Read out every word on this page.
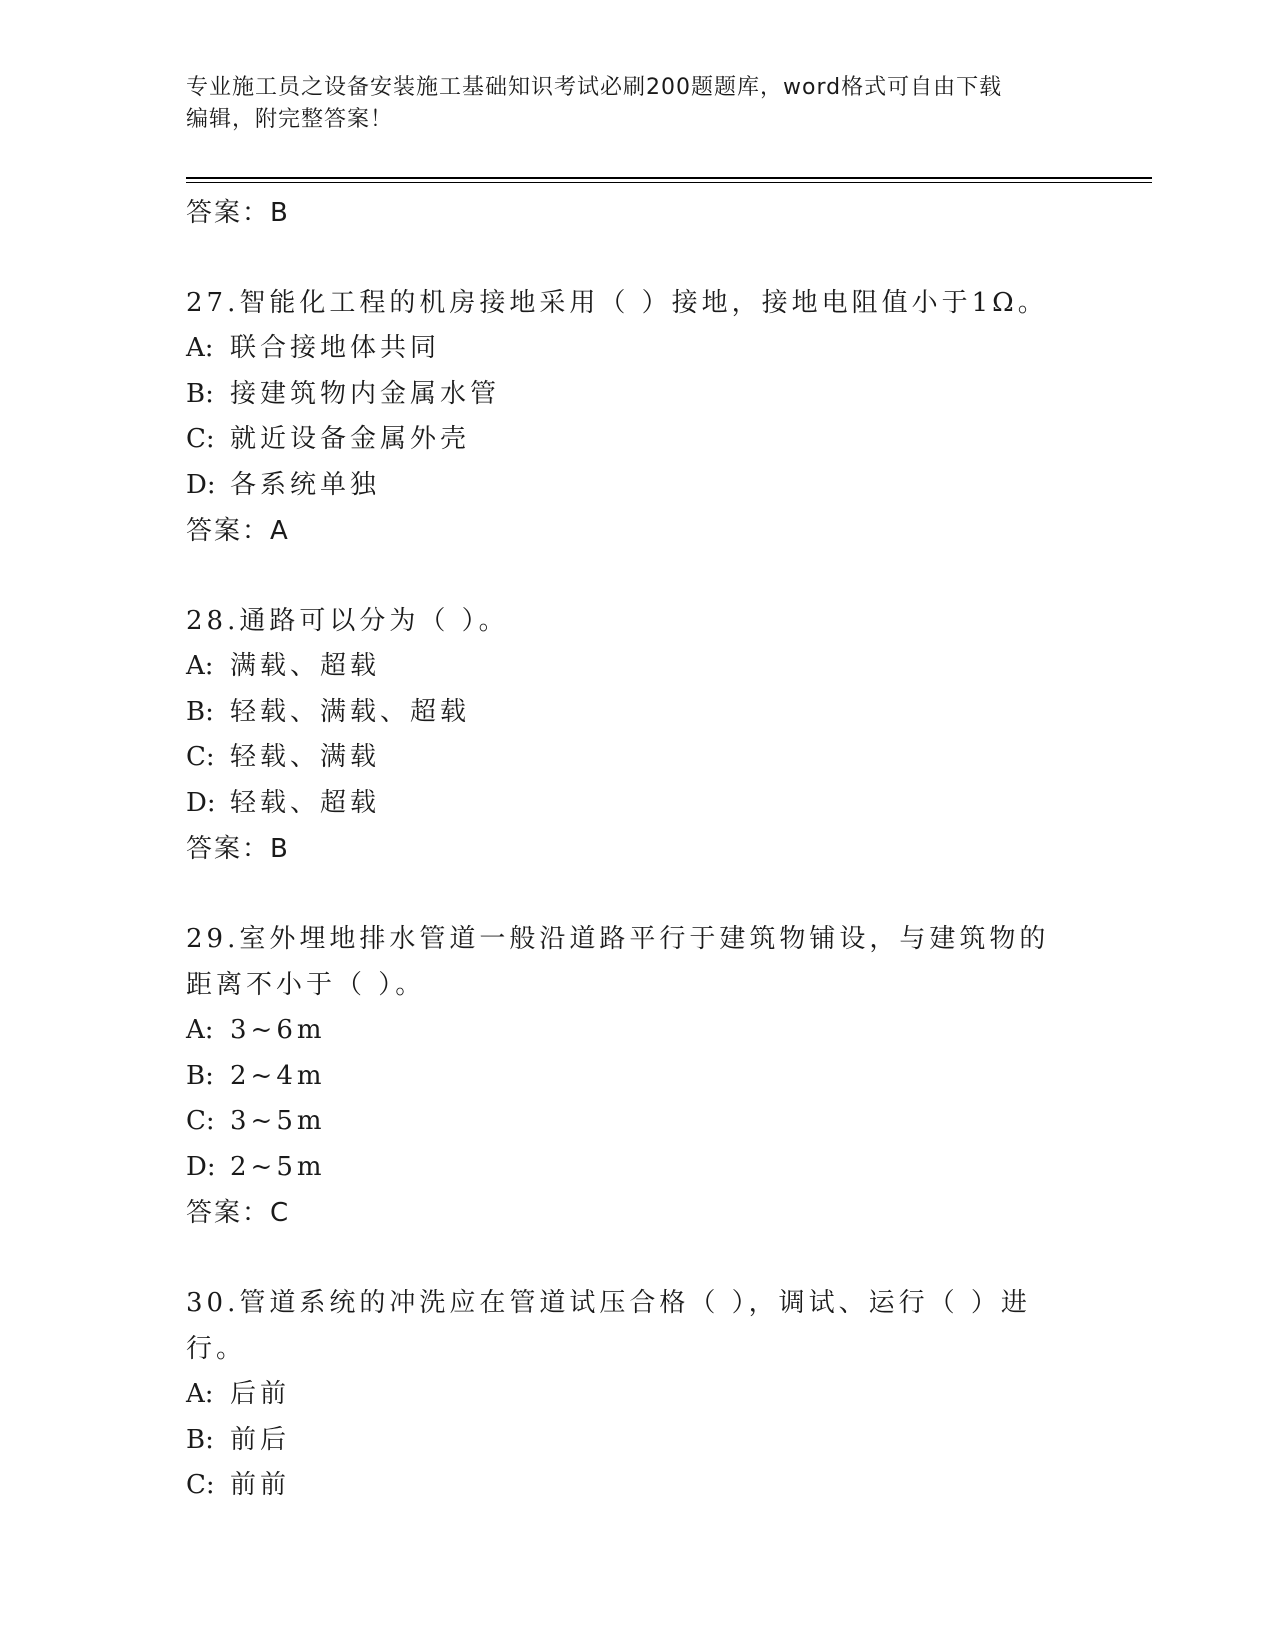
专业施工员之设备安装施工基础知识考试必刷200题题库，word格式可自由下载
编辑，附完整答案！
答案：B
27.智能化工程的机房接地采用（ ）接地，接地电阻值小于1Ω。
A: 联合接地体共同
B: 接建筑物内金属水管
C: 就近设备金属外壳
D: 各系统单独
答案：A
28.通路可以分为（ ）。
A: 满载、超载
B: 轻载、满载、超载
C: 轻载、满载
D: 轻载、超载
答案：B
29.室外埋地排水管道一般沿道路平行于建筑物铺设，与建筑物的距离不小于（ ）。
A: 3~6m
B: 2~4m
C: 3~5m
D: 2~5m
答案：C
30.管道系统的冲洗应在管道试压合格（ ），调试、运行（ ）进行。
A: 后前
B: 前后
C: 前前
